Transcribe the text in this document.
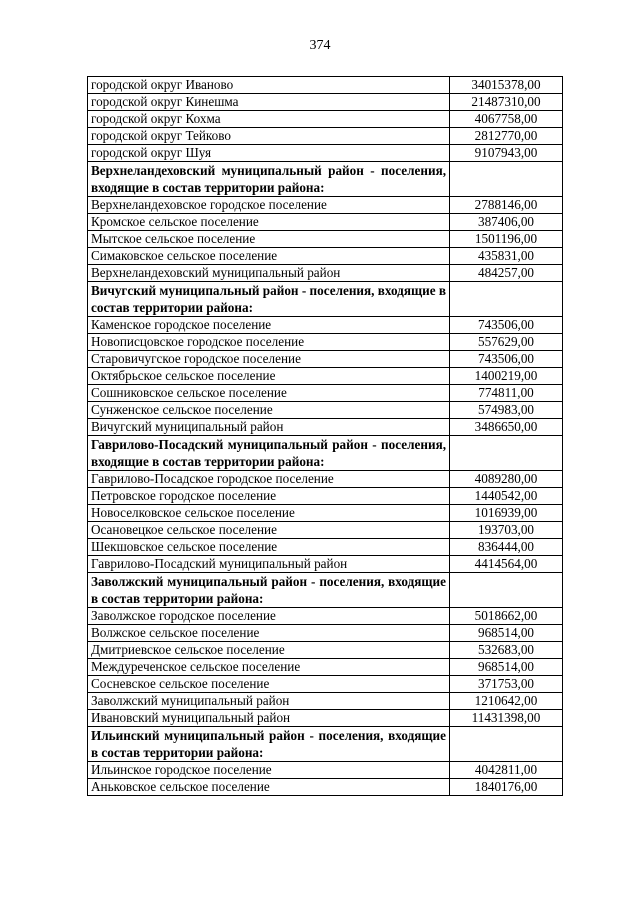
374
городской округ Иваново	34015378,00
городской округ Кинешма	21487310,00
городской округ Кохма	4067758,00
городской округ Тейково	2812770,00
городской округ Шуя	9107943,00
Верхнеландеховский муниципальный район - поселения, входящие в состав территории района:	
Верхнеландеховское городское поселение	2788146,00
Кромское сельское поселение	387406,00
Мытское сельское поселение	1501196,00
Симаковское сельское поселение	435831,00
Верхнеландеховский муниципальный район	484257,00
Вичугский муниципальный район - поселения, входящие в состав территории района:	
Каменское городское поселение	743506,00
Новописцовское городское поселение	557629,00
Старовичугское городское поселение	743506,00
Октябрьское сельское поселение	1400219,00
Сошниковское сельское поселение	774811,00
Сунженское сельское поселение	574983,00
Вичугский муниципальный район	3486650,00
Гаврилово-Посадский муниципальный район - поселения, входящие в состав территории района:	
Гаврилово-Посадское городское поселение	4089280,00
Петровское городское поселение	1440542,00
Новоселковское сельское поселение	1016939,00
Осановецкое сельское поселение	193703,00
Шекшовское сельское поселение	836444,00
Гаврилово-Посадский муниципальный район	4414564,00
Заволжский муниципальный район - поселения, входящие в состав территории района:	
Заволжское городское поселение	5018662,00
Волжское сельское поселение	968514,00
Дмитриевское сельское поселение	532683,00
Междуреченское сельское поселение	968514,00
Сосневское сельское поселение	371753,00
Заволжский муниципальный район	1210642,00
Ивановский муниципальный район	11431398,00
Ильинский муниципальный район - поселения, входящие в состав территории района:	
Ильинское городское поселение	4042811,00
Аньковское сельское поселение	1840176,00
